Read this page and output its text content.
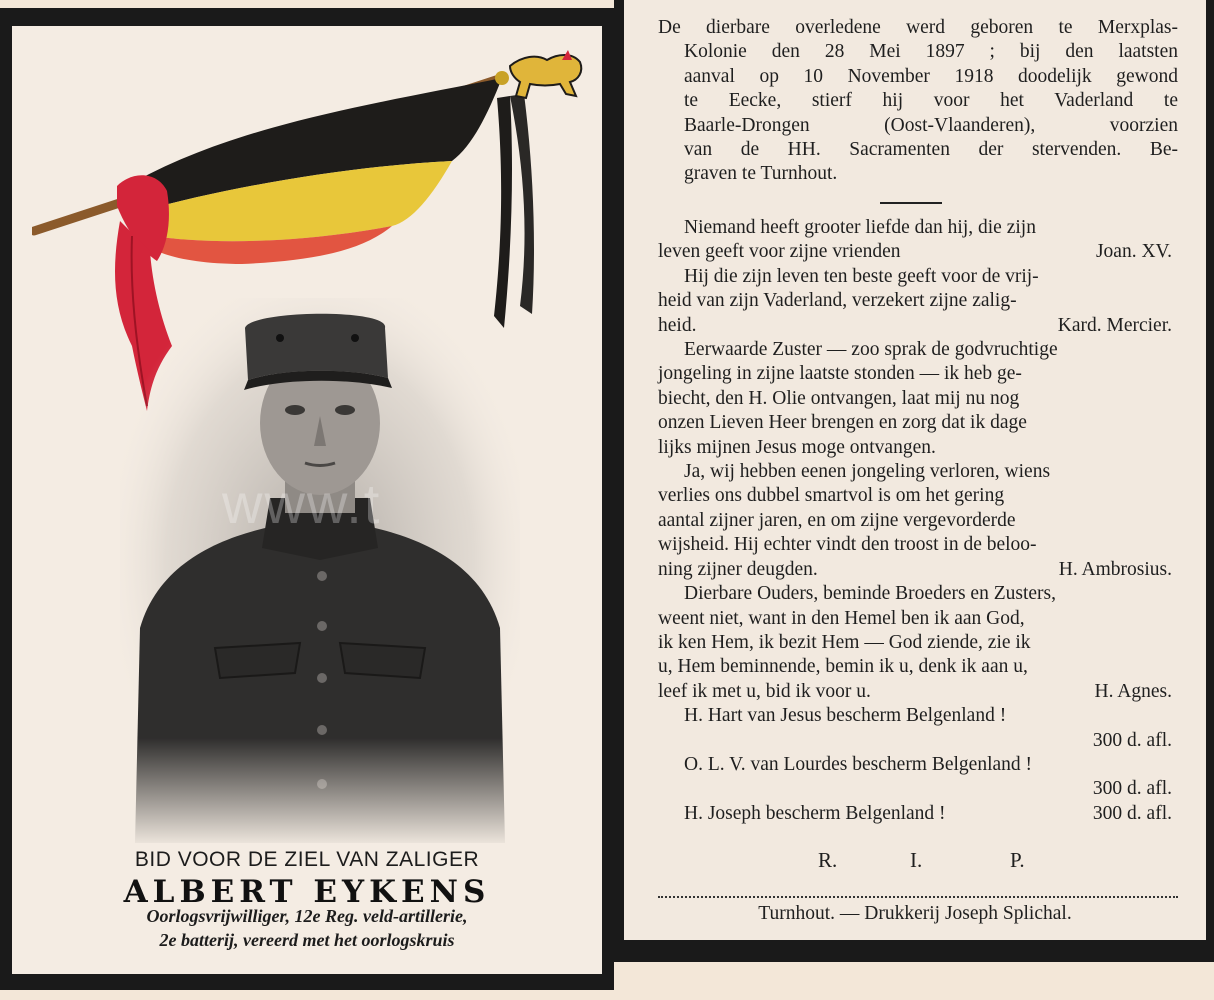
www.t
BID VOOR DE ZIEL VAN ZALIGER
ALBERT EYKENS
Oorlogsvrijwilliger, 12e Reg. veld-artillerie,
2e batterij, vereerd met het oorlogskruis
De dierbare overledene werd geboren te Merxplas-
Kolonie den 28 Mei 1897 ; bij den laatsten
aanval op 10 November 1918 doodelijk gewond
te Eecke, stierf hij voor het Vaderland te
Baarle-Drongen (Oost-Vlaanderen), voorzien
van de HH. Sacramenten der stervenden. Be-
graven te Turnhout.
Niemand heeft grooter liefde dan hij, die zijn
leven geeft voor zijne vrienden	Joan. XV.
Hij die zijn leven ten beste geeft voor de vrij-
heid van zijn Vaderland, verzekert zijne zalig-
heid.	Kard. Mercier.
Eerwaarde Zuster — zoo sprak de godvruchtige
jongeling in zijne laatste stonden — ik heb ge-
biecht, den H. Olie ontvangen, laat mij nu nog
onzen Lieven Heer brengen en zorg dat ik dage
lijks mijnen Jesus moge ontvangen.
Ja, wij hebben eenen jongeling verloren, wiens
verlies ons dubbel smartvol is om het gering
aantal zijner jaren, en om zijne vergevorderde
wijsheid. Hij echter vindt den troost in de beloo-
ning zijner deugden.	H. Ambrosius.
Dierbare Ouders, beminde Broeders en Zusters,
weent niet, want in den Hemel ben ik aan God,
ik ken Hem, ik bezit Hem — God ziende, zie ik
u, Hem beminnende, bemin ik u, denk ik aan u,
leef ik met u, bid ik voor u.	H. Agnes.
H. Hart van Jesus bescherm Belgenland !
300 d. afl.
O. L. V. van Lourdes bescherm Belgenland !
300 d. afl.
H. Joseph bescherm Belgenland !	300 d. afl.
R.	I.	P.
Turnhout. — Drukkerij Joseph Splichal.
